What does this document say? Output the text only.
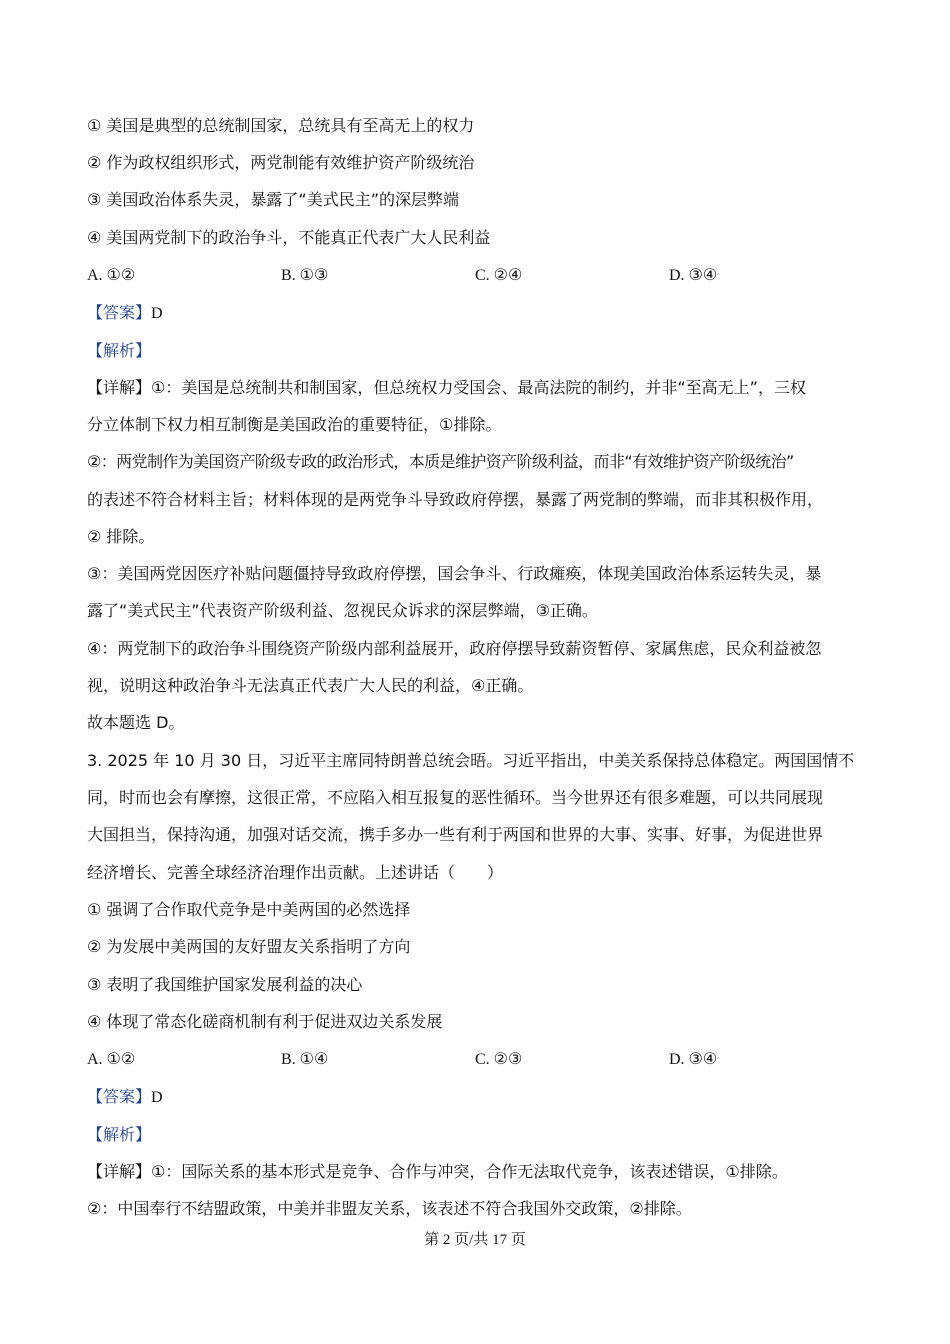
① 美国是典型的总统制国家，总统具有至高无上的权力
② 作为政权组织形式，两党制能有效维护资产阶级统治
③ 美国政治体系失灵，暴露了“美式民主”的深层弊端
④ 美国两党制下的政治争斗，不能真正代表广大人民利益
A. ①②	B. ①③	C. ②④	D. ③④
【答案】D
【解析】
【详解】①：美国是总统制共和制国家，但总统权力受国会、最高法院的制约，并非“至高无上”，三权
分立体制下权力相互制衡是美国政治的重要特征，①排除。
②：两党制作为美国资产阶级专政的政治形式，本质是维护资产阶级利益，而非“有效维护资产阶级统治”
的表述不符合材料主旨；材料体现的是两党争斗导致政府停摆，暴露了两党制的弊端，而非其积极作用，
② 排除。
③：美国两党因医疗补贴问题僵持导致政府停摆，国会争斗、行政瘫痪，体现美国政治体系运转失灵，暴
露了“美式民主”代表资产阶级利益、忽视民众诉求的深层弊端，③正确。
④：两党制下的政治争斗围绕资产阶级内部利益展开，政府停摆导致薪资暂停、家属焦虑，民众利益被忽
视，说明这种政治争斗无法真正代表广大人民的利益，④正确。
故本题选 D。
3. 2025 年 10 月 30 日，习近平主席同特朗普总统会晤。习近平指出，中美关系保持总体稳定。两国国情不
同，时而也会有摩擦，这很正常，不应陷入相互报复的恶性循环。当今世界还有很多难题，可以共同展现
大国担当，保持沟通，加强对话交流，携手多办一些有利于两国和世界的大事、实事、好事，为促进世界
经济增长、完善全球经济治理作出贡献。上述讲话（　　）
① 强调了合作取代竞争是中美两国的必然选择
② 为发展中美两国的友好盟友关系指明了方向
③ 表明了我国维护国家发展利益的决心
④ 体现了常态化磋商机制有利于促进双边关系发展
A. ①②	B. ①④	C. ②③	D. ③④
【答案】D
【解析】
【详解】①：国际关系的基本形式是竞争、合作与冲突，合作无法取代竞争，该表述错误，①排除。
②：中国奉行不结盟政策，中美并非盟友关系，该表述不符合我国外交政策，②排除。
第 2 页/共 17 页
